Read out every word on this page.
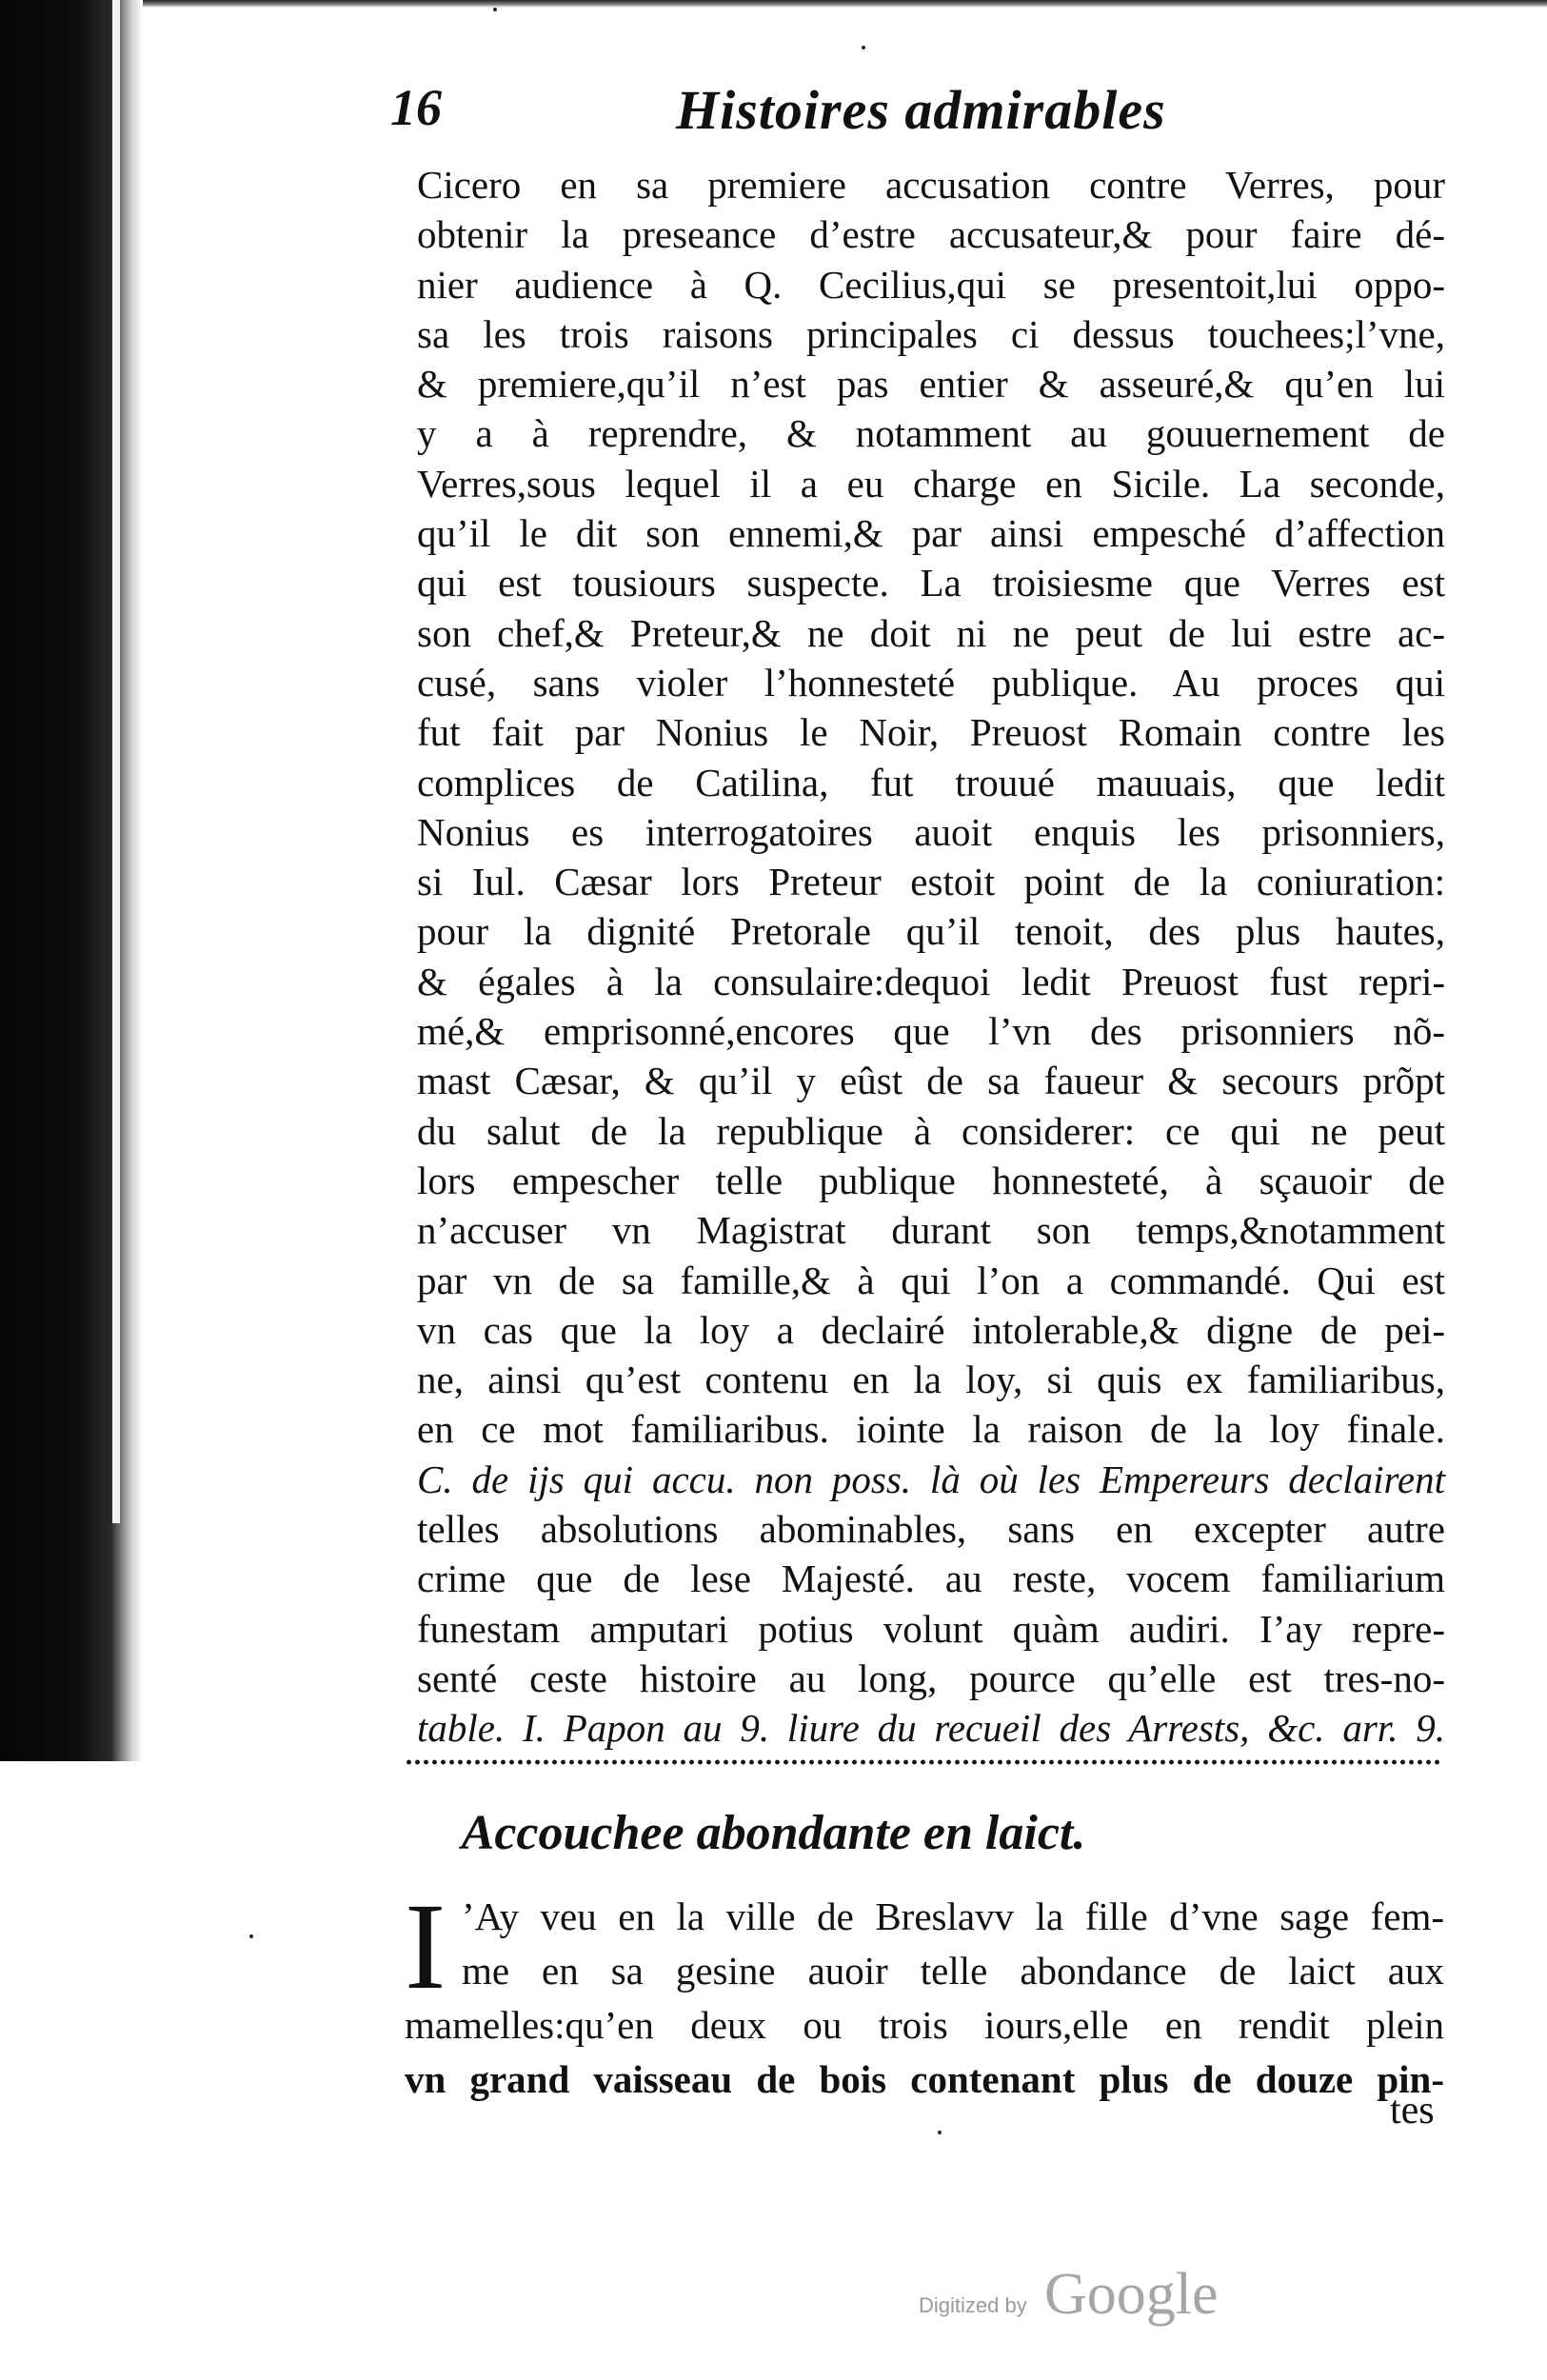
16	Histoires admirables
Cicero en sa premiere accusation contre Verres, pour
obtenir la preseance d’estre accusateur,& pour faire dé-
nier audience à Q. Cecilius,qui se presentoit,lui oppo-
sa les trois raisons principales ci dessus touchees;l’vne,
& premiere,qu’il n’est pas entier & asseuré,& qu’en lui
y a à reprendre, & notamment au gouuernement de
Verres,sous lequel il a eu charge en Sicile. La seconde,
qu’il le dit son ennemi,& par ainsi empesché d’affection
qui est tousiours suspecte. La troisiesme que Verres est
son chef,& Preteur,& ne doit ni ne peut de lui estre ac-
cusé, sans violer l’honnesteté publique. Au proces qui
fut fait par Nonius le Noir, Preuost Romain contre les
complices de Catilina, fut trouué mauuais, que ledit
Nonius es interrogatoires auoit enquis les prisonniers,
si Iul. Cæsar lors Preteur estoit point de la coniuration:
pour la dignité Pretorale qu’il tenoit, des plus hautes,
& égales à la consulaire:dequoi ledit Preuost fust repri-
mé,& emprisonné,encores que l’vn des prisonniers nõ-
mast Cæsar, & qu’il y eûst de sa faueur & secours prõpt
du salut de la republique à considerer: ce qui ne peut
lors empescher telle publique honnesteté, à sçauoir de
n’accuser vn Magistrat durant son temps,&notamment
par vn de sa famille,& à qui l’on a commandé. Qui est
vn cas que la loy a declairé intolerable,& digne de pei-
ne, ainsi qu’est contenu en la loy, si quis ex familiaribus,
en ce mot familiaribus. iointe la raison de la loy finale.
C. de ijs qui accu. non poss. là où les Empereurs declairent
telles absolutions abominables, sans en excepter autre
crime que de lese Majesté. au reste, vocem familiarium
funestam amputari potius volunt quàm audiri. I’ay repre-
senté ceste histoire au long, pource qu’elle est tres-no-
table. I. Papon au 9. liure du recueil des Arrests, &c. arr. 9.
Accouchee abondante en laict.
I ’Ay veu en la ville de Breslavv la fille d’vne sage fem-
me en sa gesine auoir telle abondance de laict aux
mamelles:qu’en deux ou trois iours,elle en rendit plein
vn grand vaisseau de bois contenant plus de douze pin-
tes
Digitized by Google
